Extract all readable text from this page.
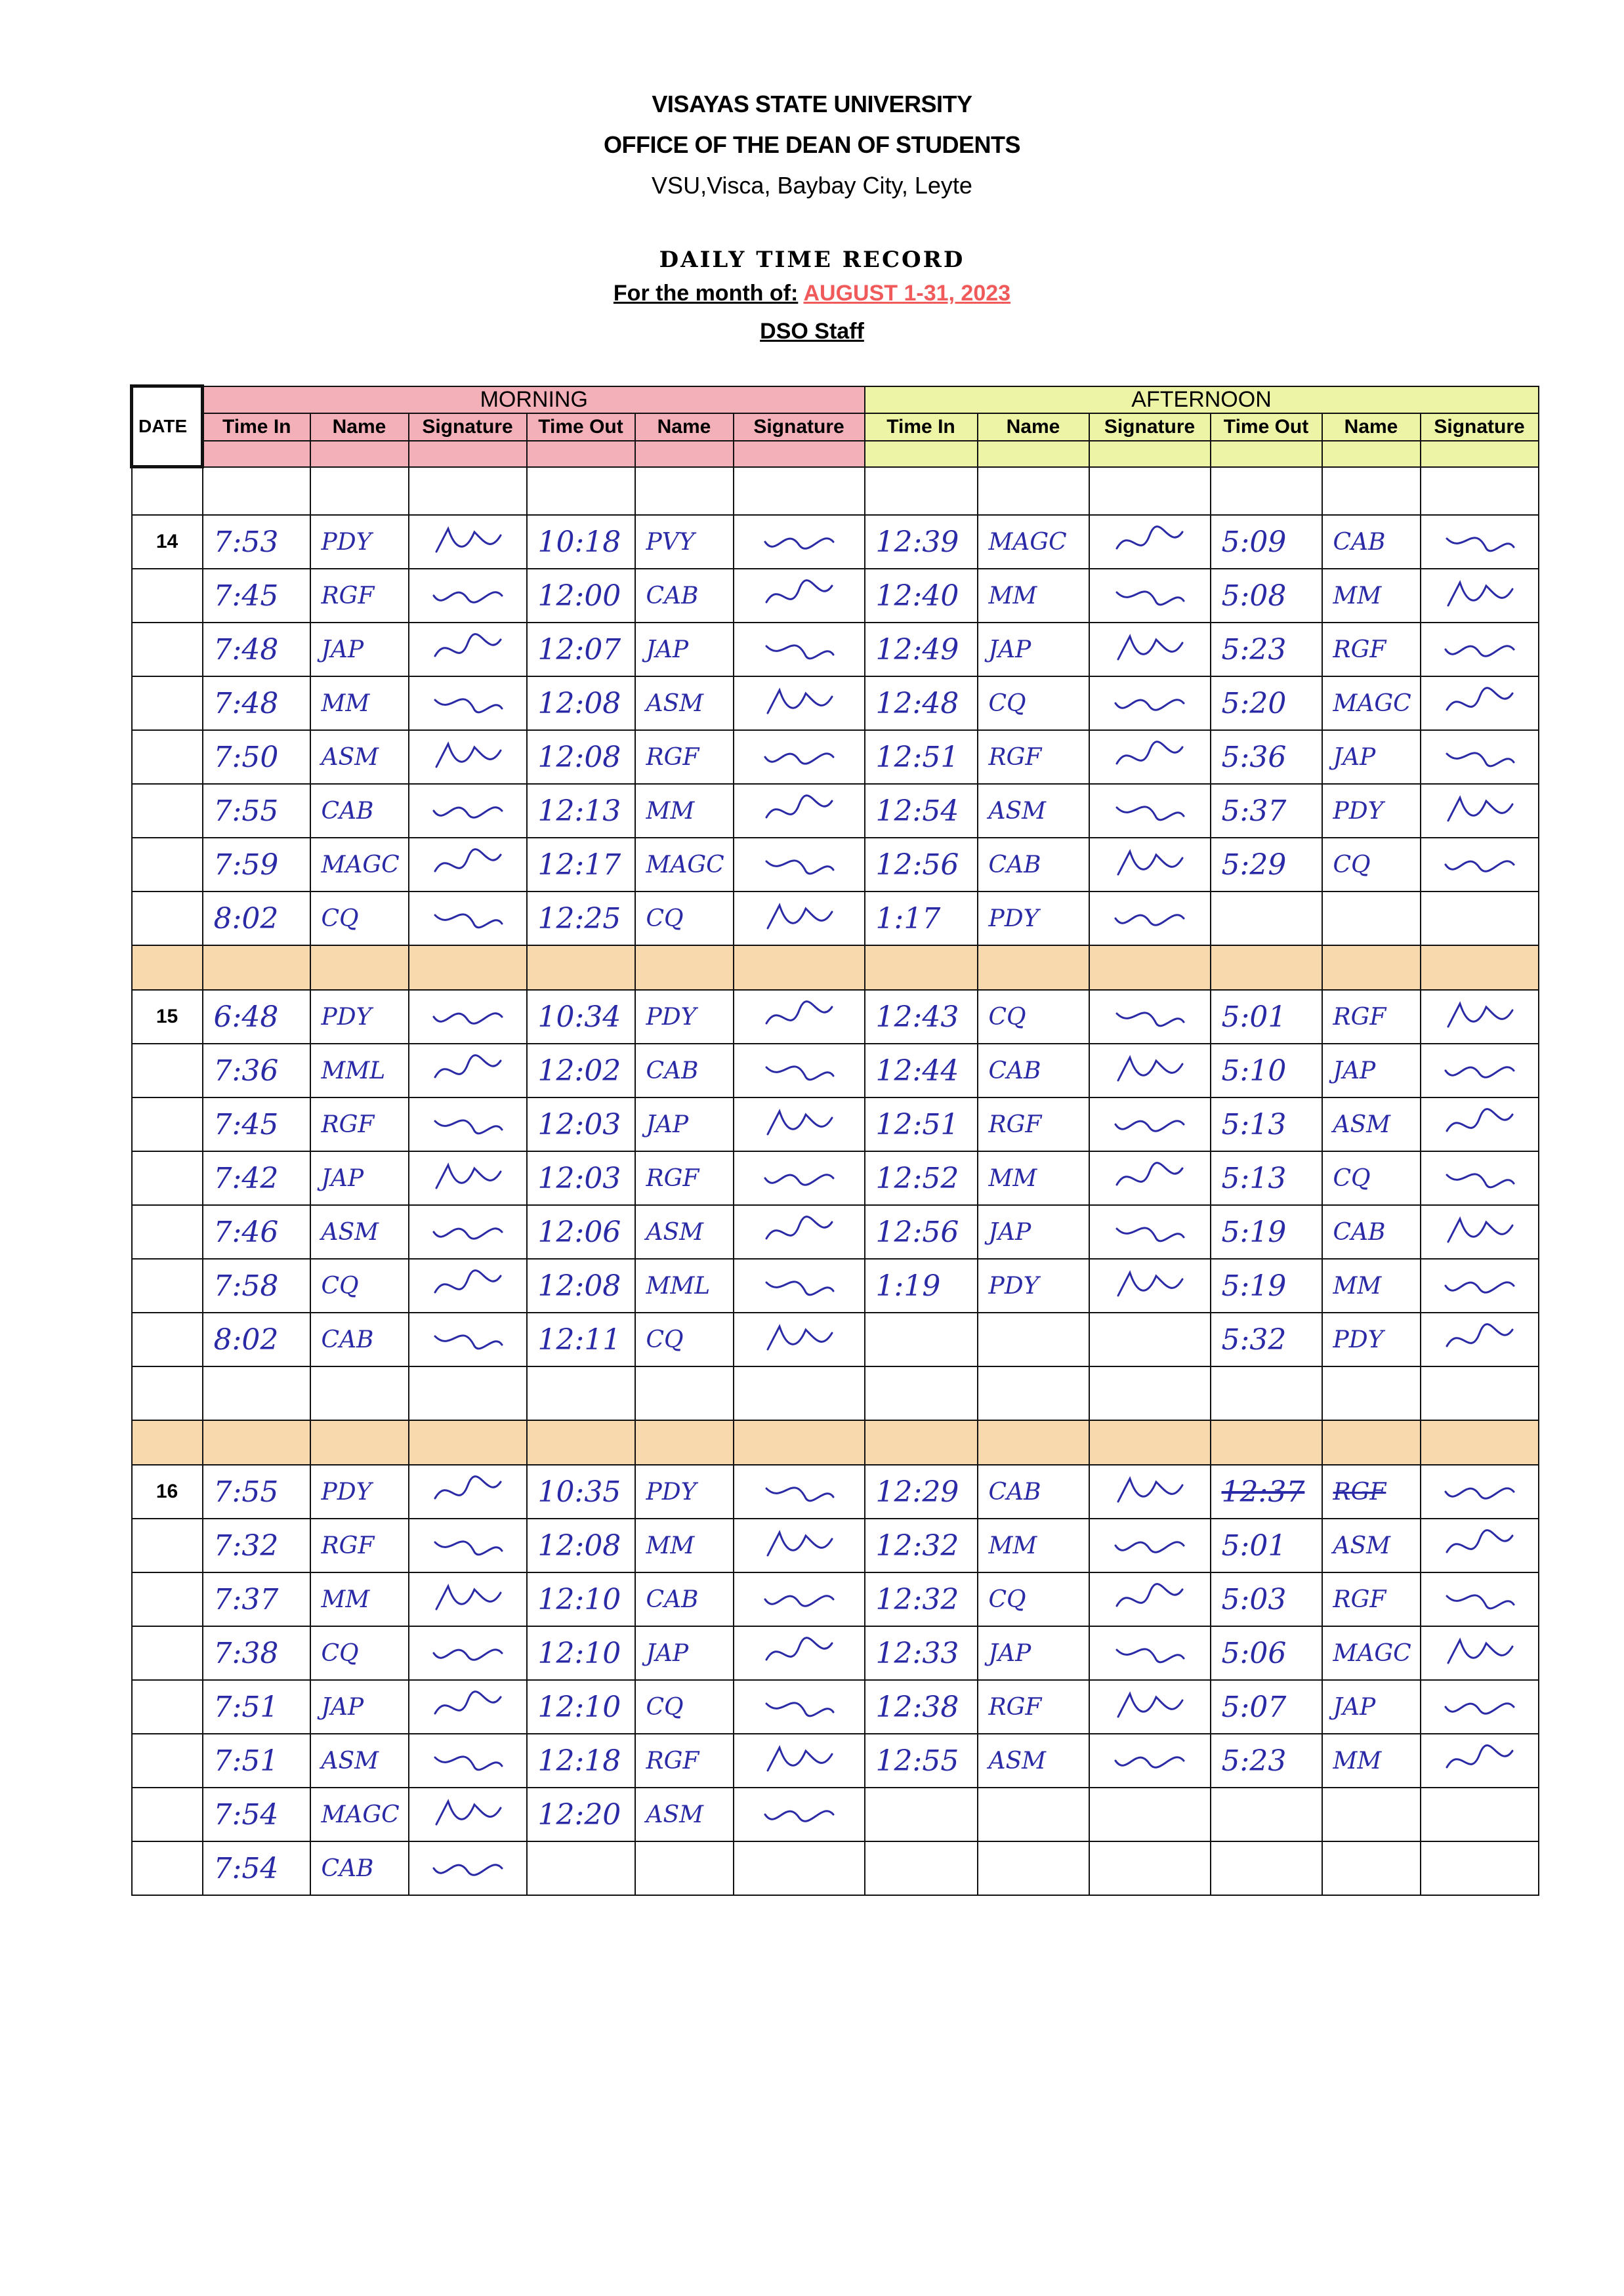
VISAYAS STATE UNIVERSITY
OFFICE OF THE DEAN OF STUDENTS
VSU,Visca, Baybay City, Leyte
DAILY TIME RECORD
For the month of: AUGUST 1-31, 2023
DSO Staff
DATE	MORNING						AFTERNOON					
	Time In	Name	Signature	Time Out	Name	Signature	Time In	Name	Signature	Time Out	Name	Signature

14	7:53	PDY		10:18	PVY		12:39	MAGC		5:09	CAB	

	7:45	RGF		12:00	CAB		12:40	MM		5:08	MM	

	7:48	JAP		12:07	JAP		12:49	JAP		5:23	RGF	

	7:48	MM		12:08	ASM		12:48	CQ		5:20	MAGC	

	7:50	ASM		12:08	RGF		12:51	RGF		5:36	JAP	

	7:55	CAB		12:13	MM		12:54	ASM		5:37	PDY	

	7:59	MAGC		12:17	MAGC		12:56	CAB		5:29	CQ	

	8:02	CQ		12:25	CQ		1:17	PDY	

15	6:48	PDY		10:34	PDY		12:43	CQ		5:01	RGF	

	7:36	MML		12:02	CAB		12:44	CAB		5:10	JAP	

	7:45	RGF		12:03	JAP		12:51	RGF		5:13	ASM	

	7:42	JAP		12:03	RGF		12:52	MM		5:13	CQ	

	7:46	ASM		12:06	ASM		12:56	JAP		5:19	CAB	

	7:58	CQ		12:08	MML		1:19	PDY		5:19	MM	

	8:02	CAB		12:11	CQ					5:32	PDY	

16	7:55	PDY		10:35	PDY		12:29	CAB		12:37	RGF	

	7:32	RGF		12:08	MM		12:32	MM		5:01	ASM	

	7:37	MM		12:10	CAB		12:32	CQ		5:03	RGF	

	7:38	CQ		12:10	JAP		12:33	JAP		5:06	MAGC	

	7:51	JAP		12:10	CQ		12:38	RGF		5:07	JAP	

	7:51	ASM		12:18	RGF		12:55	ASM		5:23	MM	

	7:54	MAGC		12:20	ASM	

	7:54	CAB	
